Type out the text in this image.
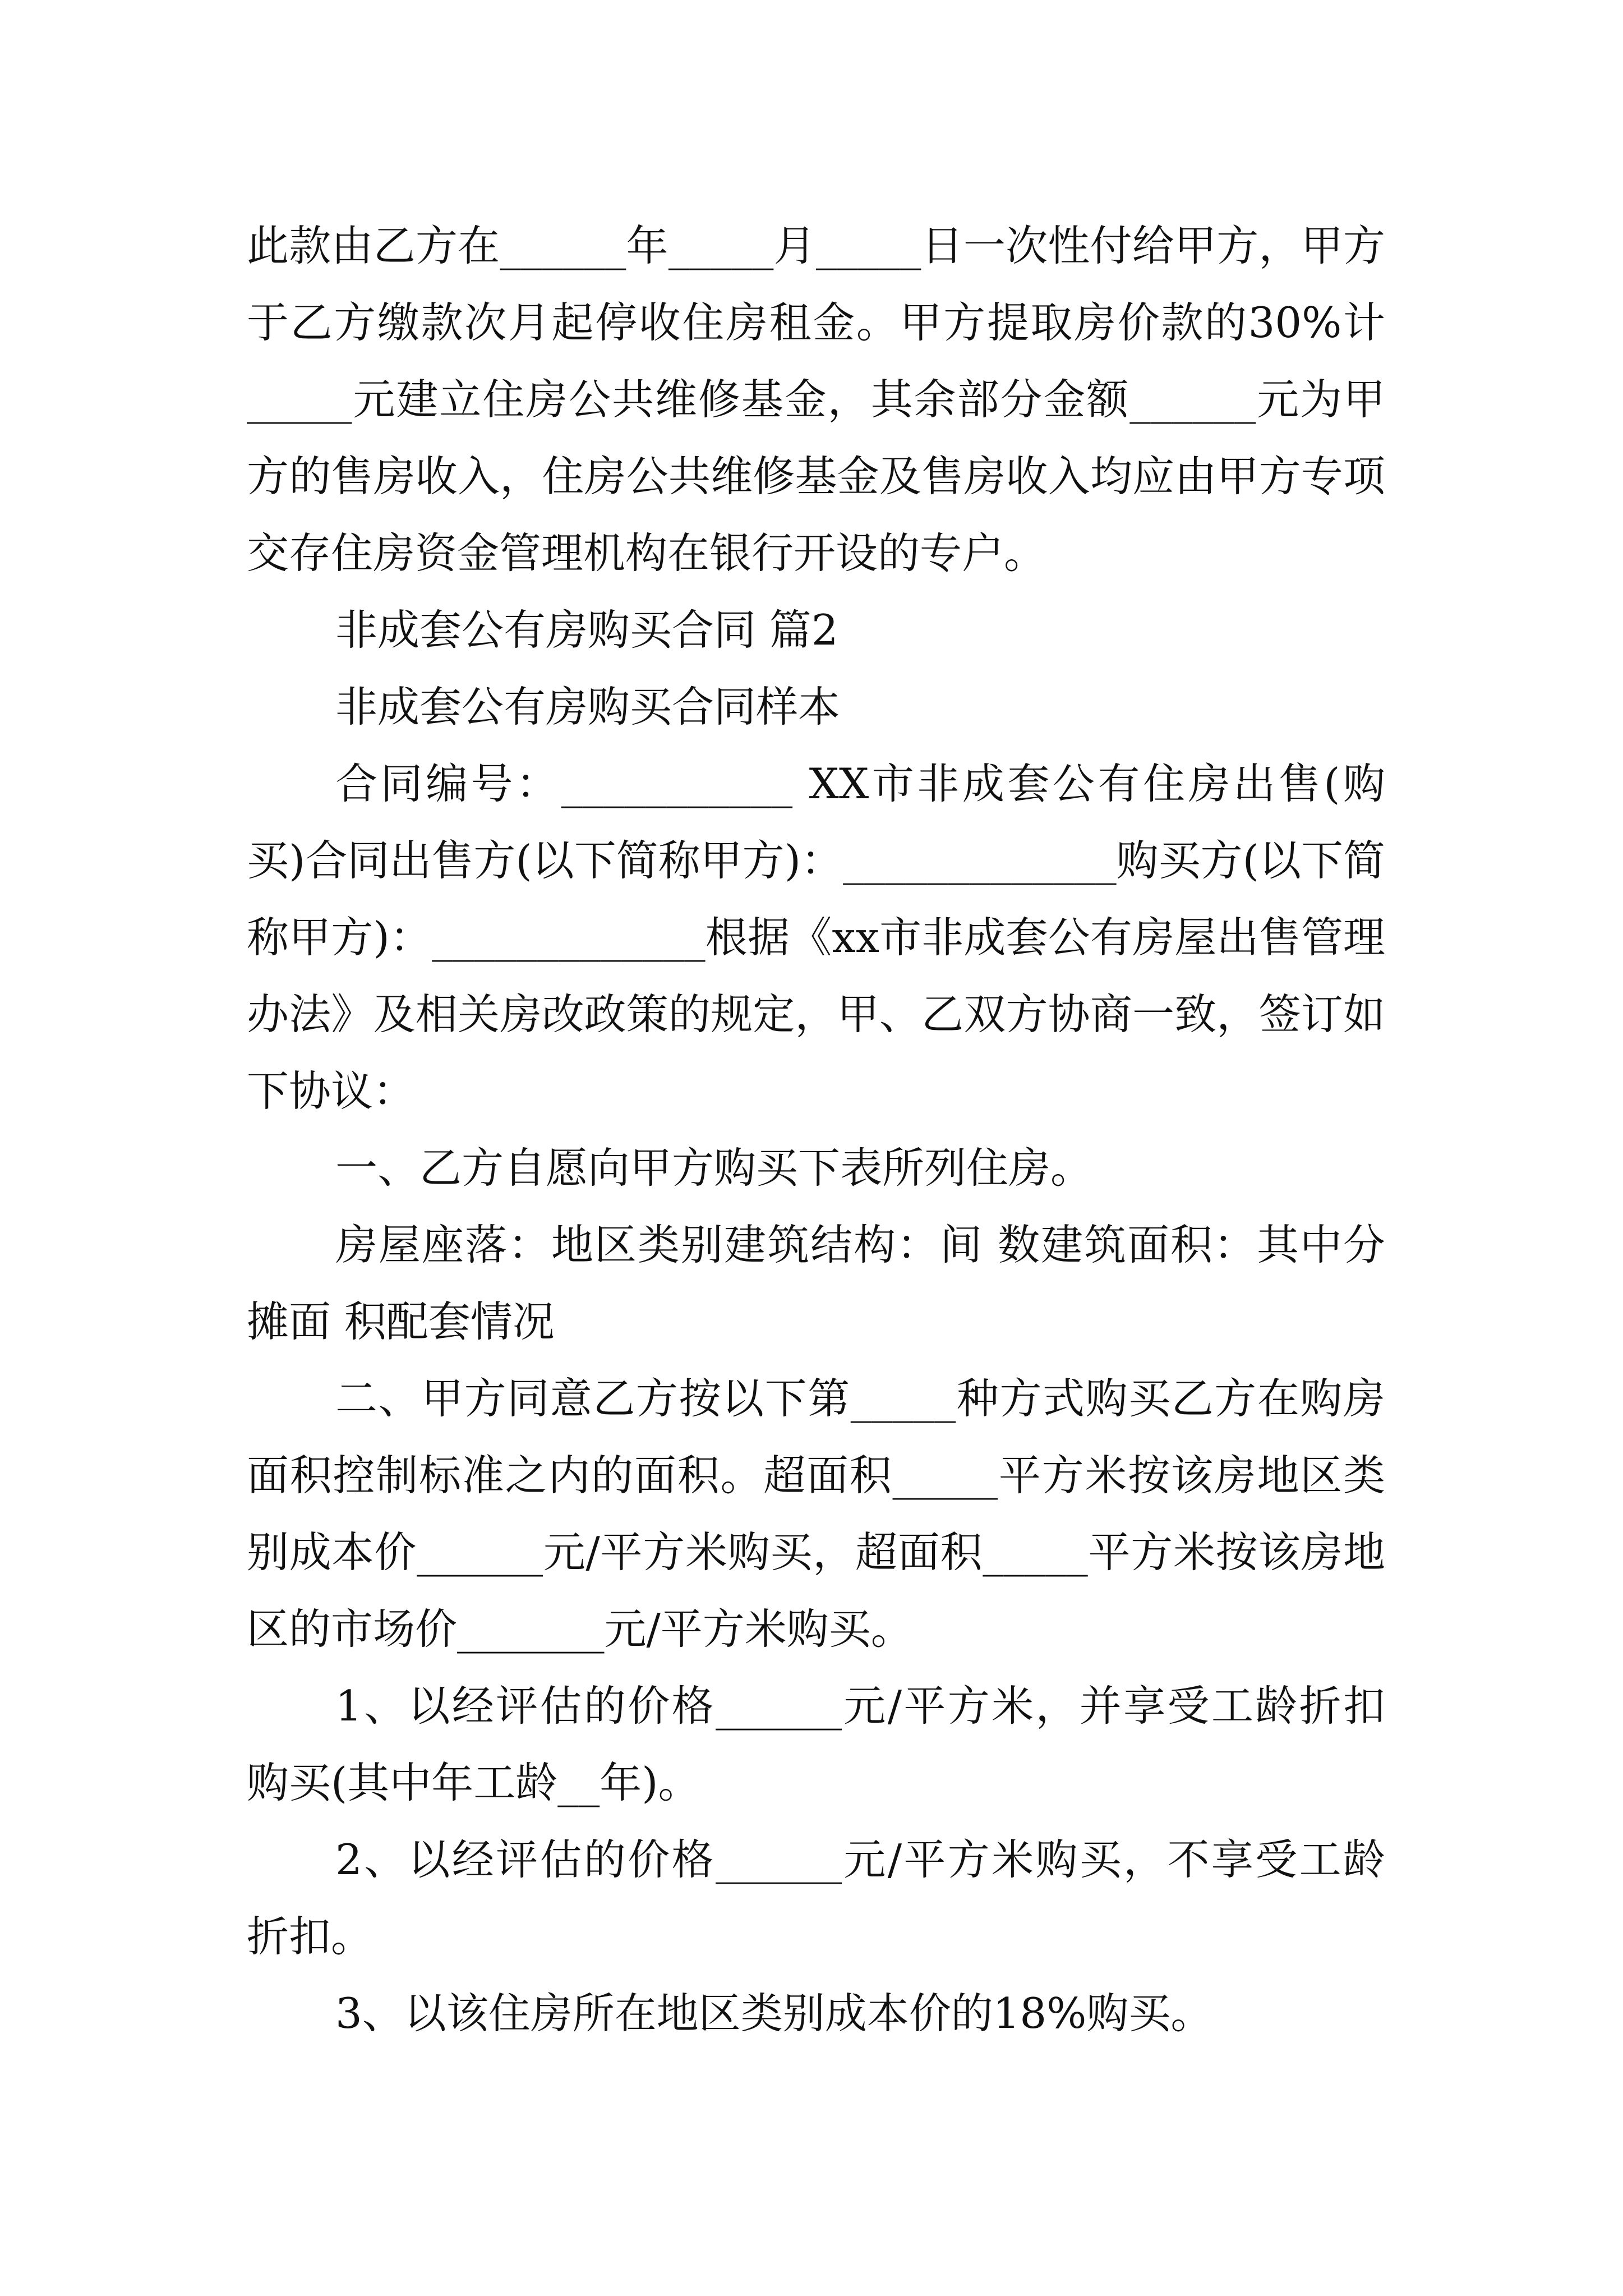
此款由乙方在______年_____月_____日一次性付给甲方，甲方于乙方缴款次月起停收住房租金。甲方提取房价款的30%计_____元建立住房公共维修基金，其余部分金额______元为甲方的售房收入，住房公共维修基金及售房收入均应由甲方专项交存住房资金管理机构在银行开设的专户。

非成套公有房购买合同 篇2

非成套公有房购买合同样本

合同编号：___________ XX市非成套公有住房出售(购买)合同出售方(以下简称甲方)：_____________购买方(以下简称甲方)：_____________根据《xx市非成套公有房屋出售管理办法》及相关房改政策的规定，甲、乙双方协商一致，签订如下协议：

一、乙方自愿向甲方购买下表所列住房。

房屋座落：地区类别建筑结构：间 数建筑面积：其中分摊面 积配套情况

二、甲方同意乙方按以下第_____种方式购买乙方在购房面积控制标准之内的面积。超面积_____平方米按该房地区类别成本价______元/平方米购买，超面积_____平方米按该房地区的市场价_______元/平方米购买。

1、以经评估的价格______元/平方米，并享受工龄折扣购买(其中年工龄__年)。

2、以经评估的价格______元/平方米购买，不享受工龄折扣。

3、以该住房所在地区类别成本价的18%购买。
